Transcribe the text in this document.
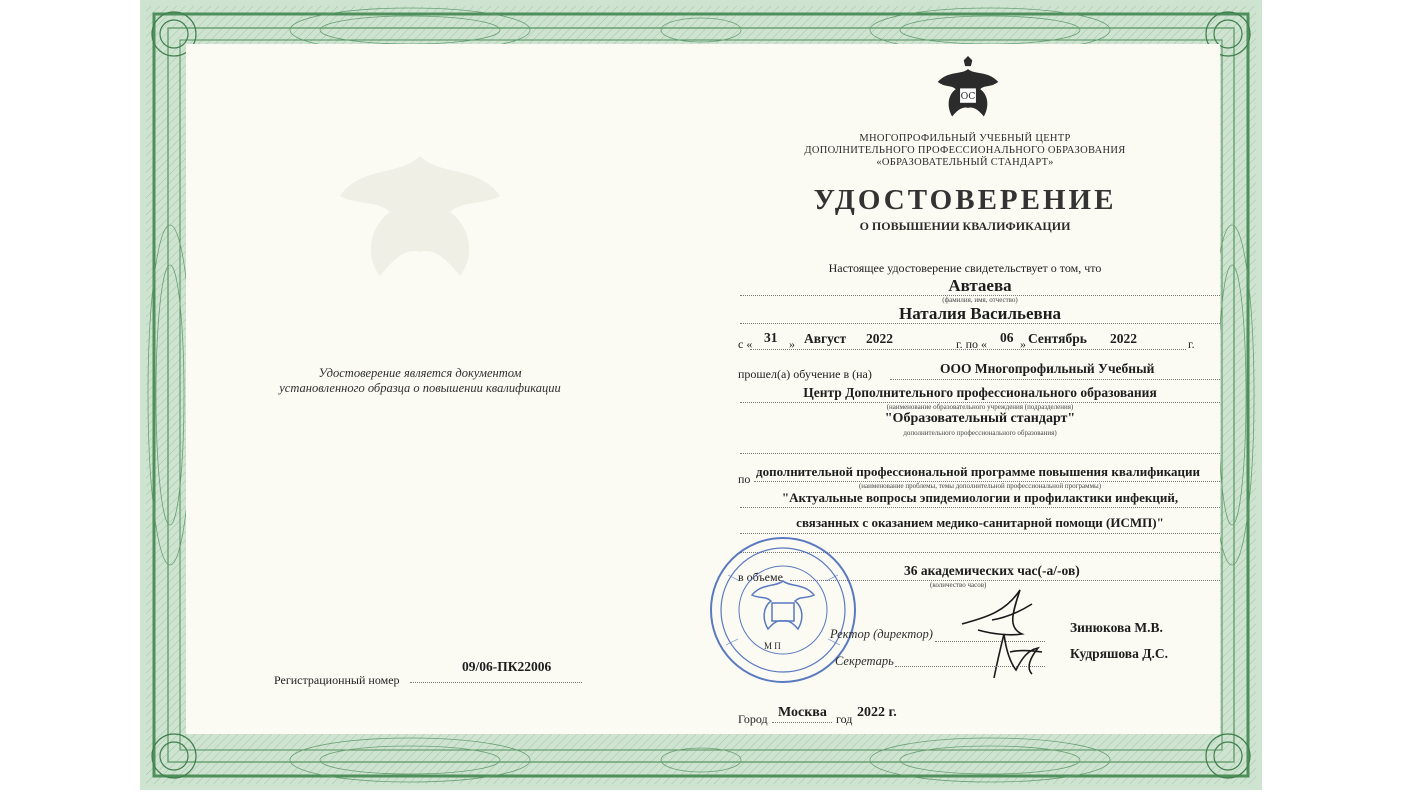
ОС
МНОГОПРОФИЛЬНЫЙ УЧЕБНЫЙ ЦЕНТР
ДОПОЛНИТЕЛЬНОГО ПРОФЕССИОНАЛЬНОГО ОБРАЗОВАНИЯ
«ОБРАЗОВАТЕЛЬНЫЙ СТАНДАРТ»
УДОСТОВЕРЕНИЕ
О ПОВЫШЕНИИ КВАЛИФИКАЦИИ
Удостоверение является документом
установленного образца о повышении квалификации
Регистрационный номер
09/06-ПК22006
Настоящее удостоверение свидетельствует о том, что
Автаева
(фамилия, имя, отчество)
Наталия Васильевна
с « 31 » Август 2022	г. по « 06 » Сентябрь 2022	г.
прошел(а) обучение в (на)	ООО Многопрофильный Учебный
Центр Дополнительного профессионального образования
(наименование образовательного учреждения (подразделения)
"Образовательный стандарт"
дополнительного профессионального образования)
по дополнительной профессиональной программе повышения квалификации
(наименование проблемы, темы дополнительной профессиональной программы)
"Актуальные вопросы эпидемиологии и профилактики инфекций,
связанных с оказанием медико-санитарной помощи (ИСМП)"
в объеме	36 академических час(-а/-ов)
(количество часов)
М П
Ректор (директор)	Зинюкова М.В.
Секретарь	Кудряшова Д.С.
Город Москва год 2022 г.
